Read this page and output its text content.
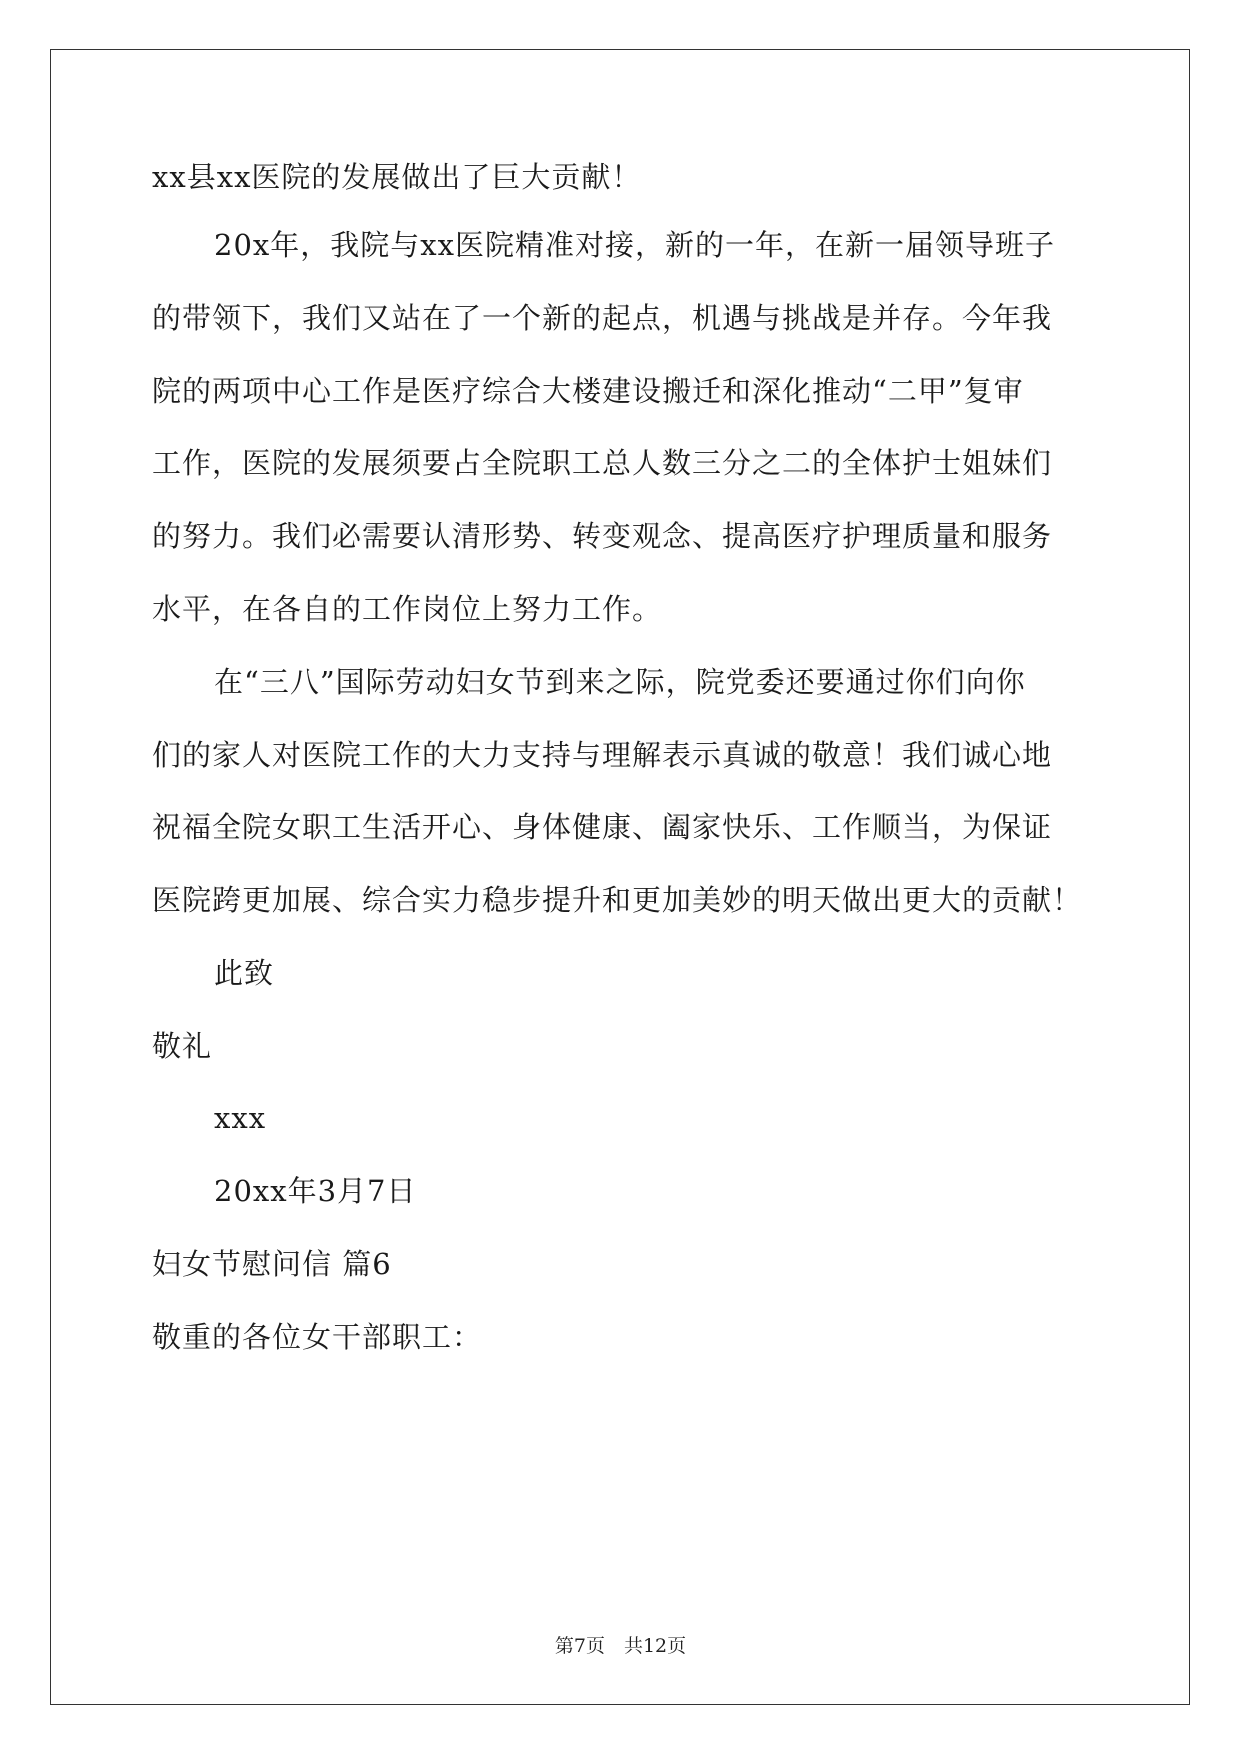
xx县xx医院的发展做出了巨大贡献！
20x年，我院与xx医院精准对接，新的一年，在新一届领导班子
的带领下，我们又站在了一个新的起点，机遇与挑战是并存。今年我
院的两项中心工作是医疗综合大楼建设搬迁和深化推动“二甲”复审
工作，医院的发展须要占全院职工总人数三分之二的全体护士姐妹们
的努力。我们必需要认清形势、转变观念、提高医疗护理质量和服务
水平，在各自的工作岗位上努力工作。
在“三八”国际劳动妇女节到来之际，院党委还要通过你们向你
们的家人对医院工作的大力支持与理解表示真诚的敬意！我们诚心地
祝福全院女职工生活开心、身体健康、阖家快乐、工作顺当，为保证
医院跨更加展、综合实力稳步提升和更加美妙的明天做出更大的贡献！
此致
敬礼
xxx
20xx年3月7日
妇女节慰问信 篇6
敬重的各位女干部职工：
第7页　共12页
